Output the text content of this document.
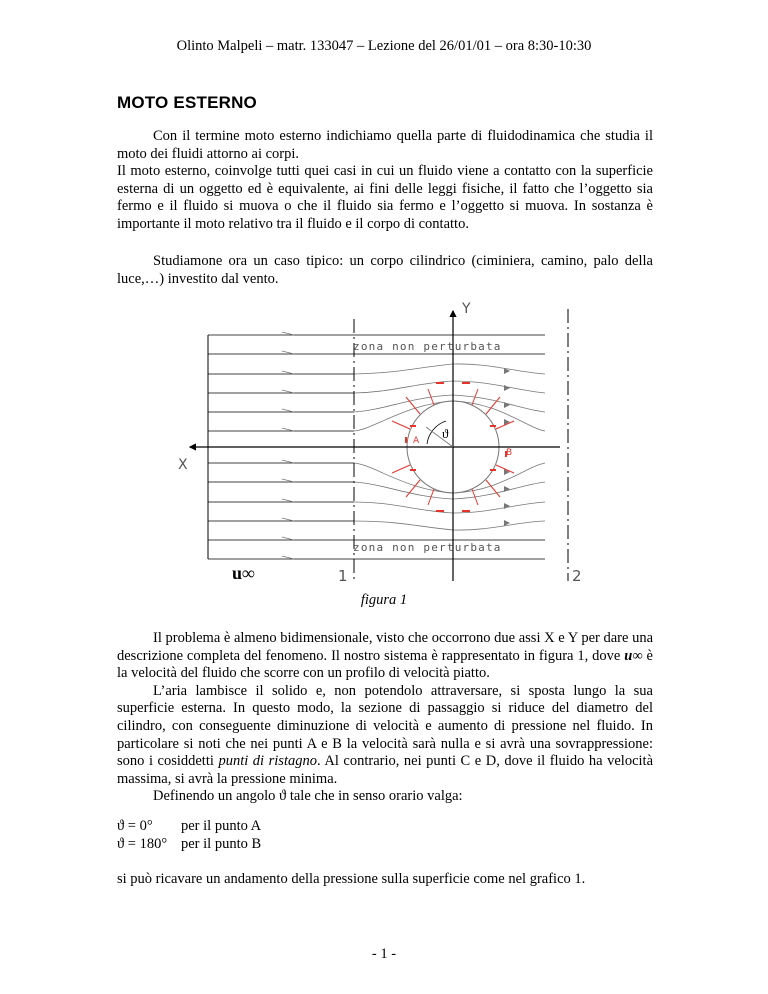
Olinto Malpeli – matr. 133047 – Lezione del 26/01/01 – ora 8:30-10:30
MOTO ESTERNO

Con il termine moto esterno indichiamo quella parte di fluidodinamica che studia il moto dei fluidi attorno ai corpi.

Il moto esterno, coinvolge tutti quei casi in cui un fluido viene a contatto con la superficie esterna di un oggetto ed è equivalente, ai fini delle leggi fisiche, il fatto che l’oggetto sia fermo e il fluido si muova o che il fluido sia fermo e l’oggetto si muova. In sostanza è importante il moto relativo tra il fluido e il corpo di contatto.

Studiamone ora un caso tipico: un corpo cilindrico (ciminiera, camino, palo della luce,…) investito dal vento.

zona non perturbata
zona non perturbata
Y
X
u∞	1	2
ϑ
A
B
figura 1

Il problema è almeno bidimensionale, visto che occorrono due assi X e Y per dare una descrizione completa del fenomeno. Il nostro sistema è rappresentato in figura 1, dove u∞ è la velocità del fluido che scorre con un profilo di velocità piatto.

L’aria lambisce il solido e, non potendolo attraversare, si sposta lungo la sua superficie esterna. In questo modo, la sezione di passaggio si riduce del diametro del cilindro, con conseguente diminuzione di velocità e aumento di pressione nel fluido. In particolare si noti che nei punti A e B la velocità sarà nulla e si avrà una sovrappressione: sono i cosiddetti punti di ristagno. Al contrario, nei punti C e D, dove il fluido ha velocità massima, si avrà la pressione minima.

Definendo un angolo ϑ tale che in senso orario valga:

ϑ = 0° per il punto A
ϑ = 180° per il punto B

si può ricavare un andamento della pressione sulla superficie come nel grafico 1.

- 1 -
